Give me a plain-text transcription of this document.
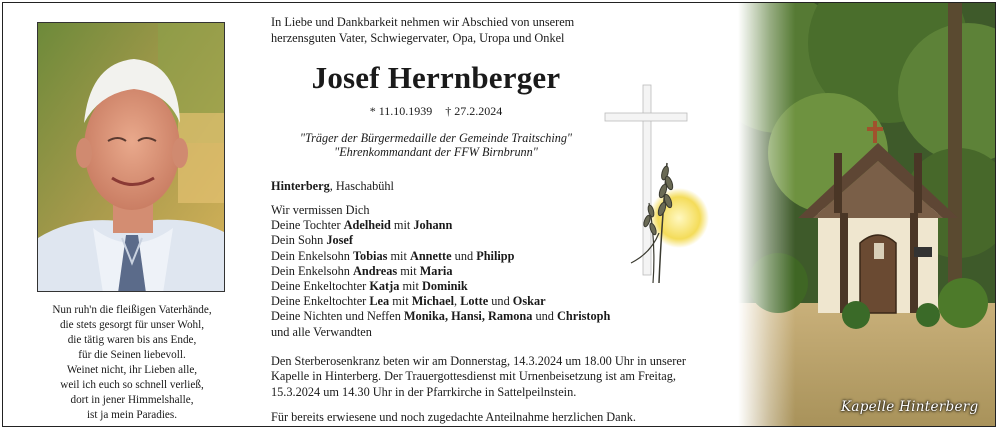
Nun ruh'n die fleißigen Vaterhände,
die stets gesorgt für unser Wohl,
die tätig waren bis ans Ende,
für die Seinen liebevoll.
Weinet nicht, ihr Lieben alle,
weil ich euch so schnell verließ,
dort in jener Himmelshalle,
ist ja mein Paradies.
In Liebe und Dankbarkeit nehmen wir Abschied von unserem
herzensguten Vater, Schwiegervater, Opa, Uropa und Onkel
Josef Herrnberger
* 11.10.1939 † 27.2.2024
"Träger der Bürgermedaille der Gemeinde Traitsching"
"Ehrenkommandant der FFW Birnbrunn"
Hinterberg, Haschabühl
Wir vermissen Dich
Deine Tochter Adelheid mit Johann
Dein Sohn Josef
Dein Enkelsohn Tobias mit Annette und Philipp
Dein Enkelsohn Andreas mit Maria
Deine Enkeltochter Katja mit Dominik
Deine Enkeltochter Lea mit Michael, Lotte und Oskar
Deine Nichten und Neffen Monika, Hansi, Ramona und Christoph
und alle Verwandten
Den Sterberosenkranz beten wir am Donnerstag, 14.3.2024 um 18.00 Uhr in unserer
Kapelle in Hinterberg. Der Trauergottesdienst mit Urnenbeisetzung ist am Freitag,
15.3.2024 um 14.30 Uhr in der Pfarrkirche in Sattelpeilnstein.
Für bereits erwiesene und noch zugedachte Anteilnahme herzlichen Dank.
Kapelle Hinterberg
